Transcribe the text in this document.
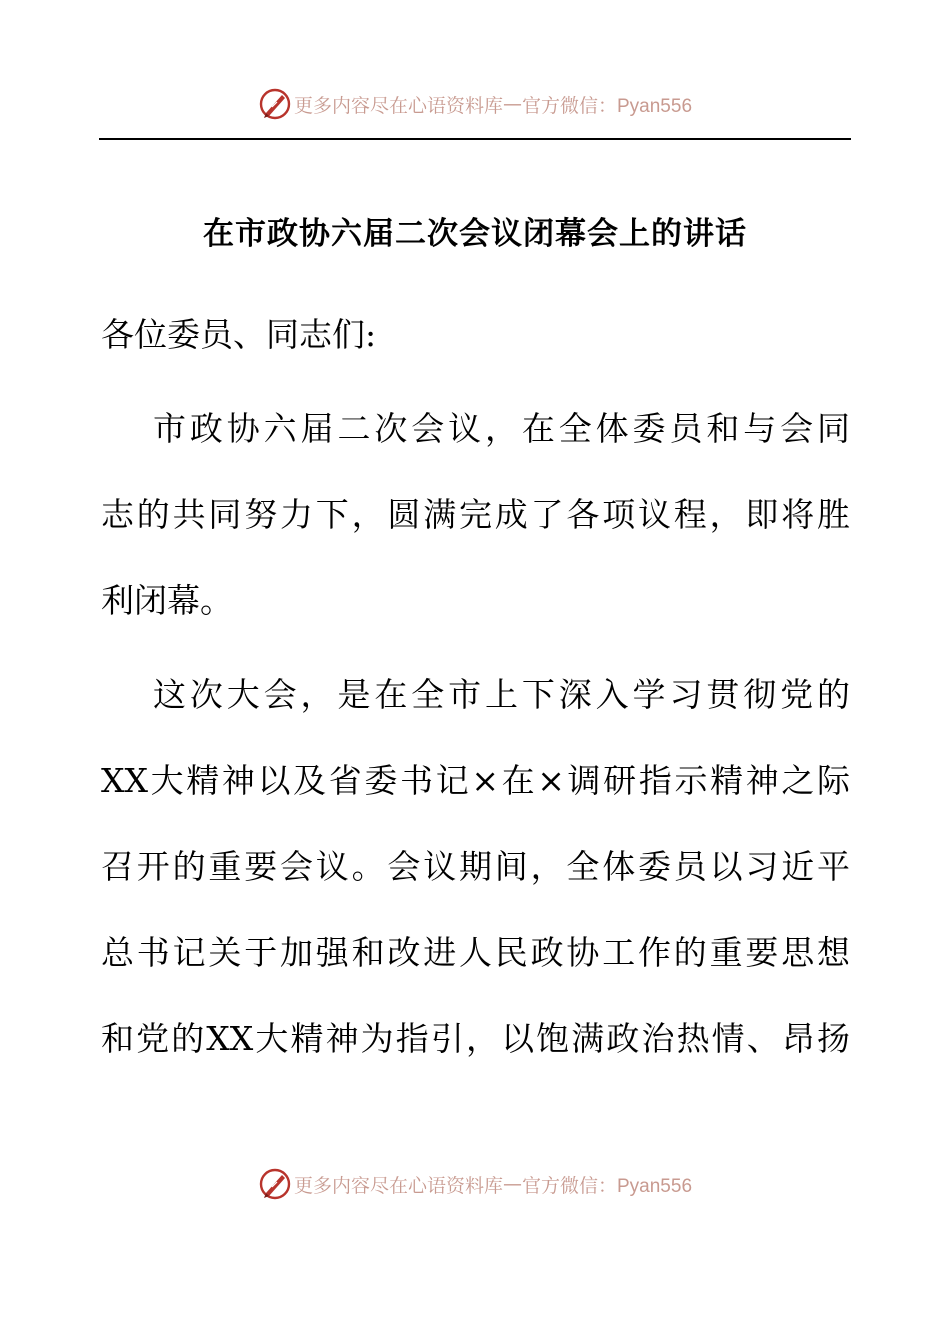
更多内容尽在心语资料库 — 官方微信：Pyan556
在市政协六届二次会议闭幕会上的讲话
各位委员、同志们:
市政协六届二次会议，在全体委员和与会同
志的共同努力下，圆满完成了各项议程，即将胜
利闭幕。
这次大会，是在全市上下深入学习贯彻党的
XX大精神以及省委书记×在×调研指示精神之际
召开的重要会议。会议期间，全体委员以习近平
总书记关于加强和改进人民政协工作的重要思想
和党的XX大精神为指引，以饱满政治热情、昂扬
更多内容尽在心语资料库 — 官方微信：Pyan556
